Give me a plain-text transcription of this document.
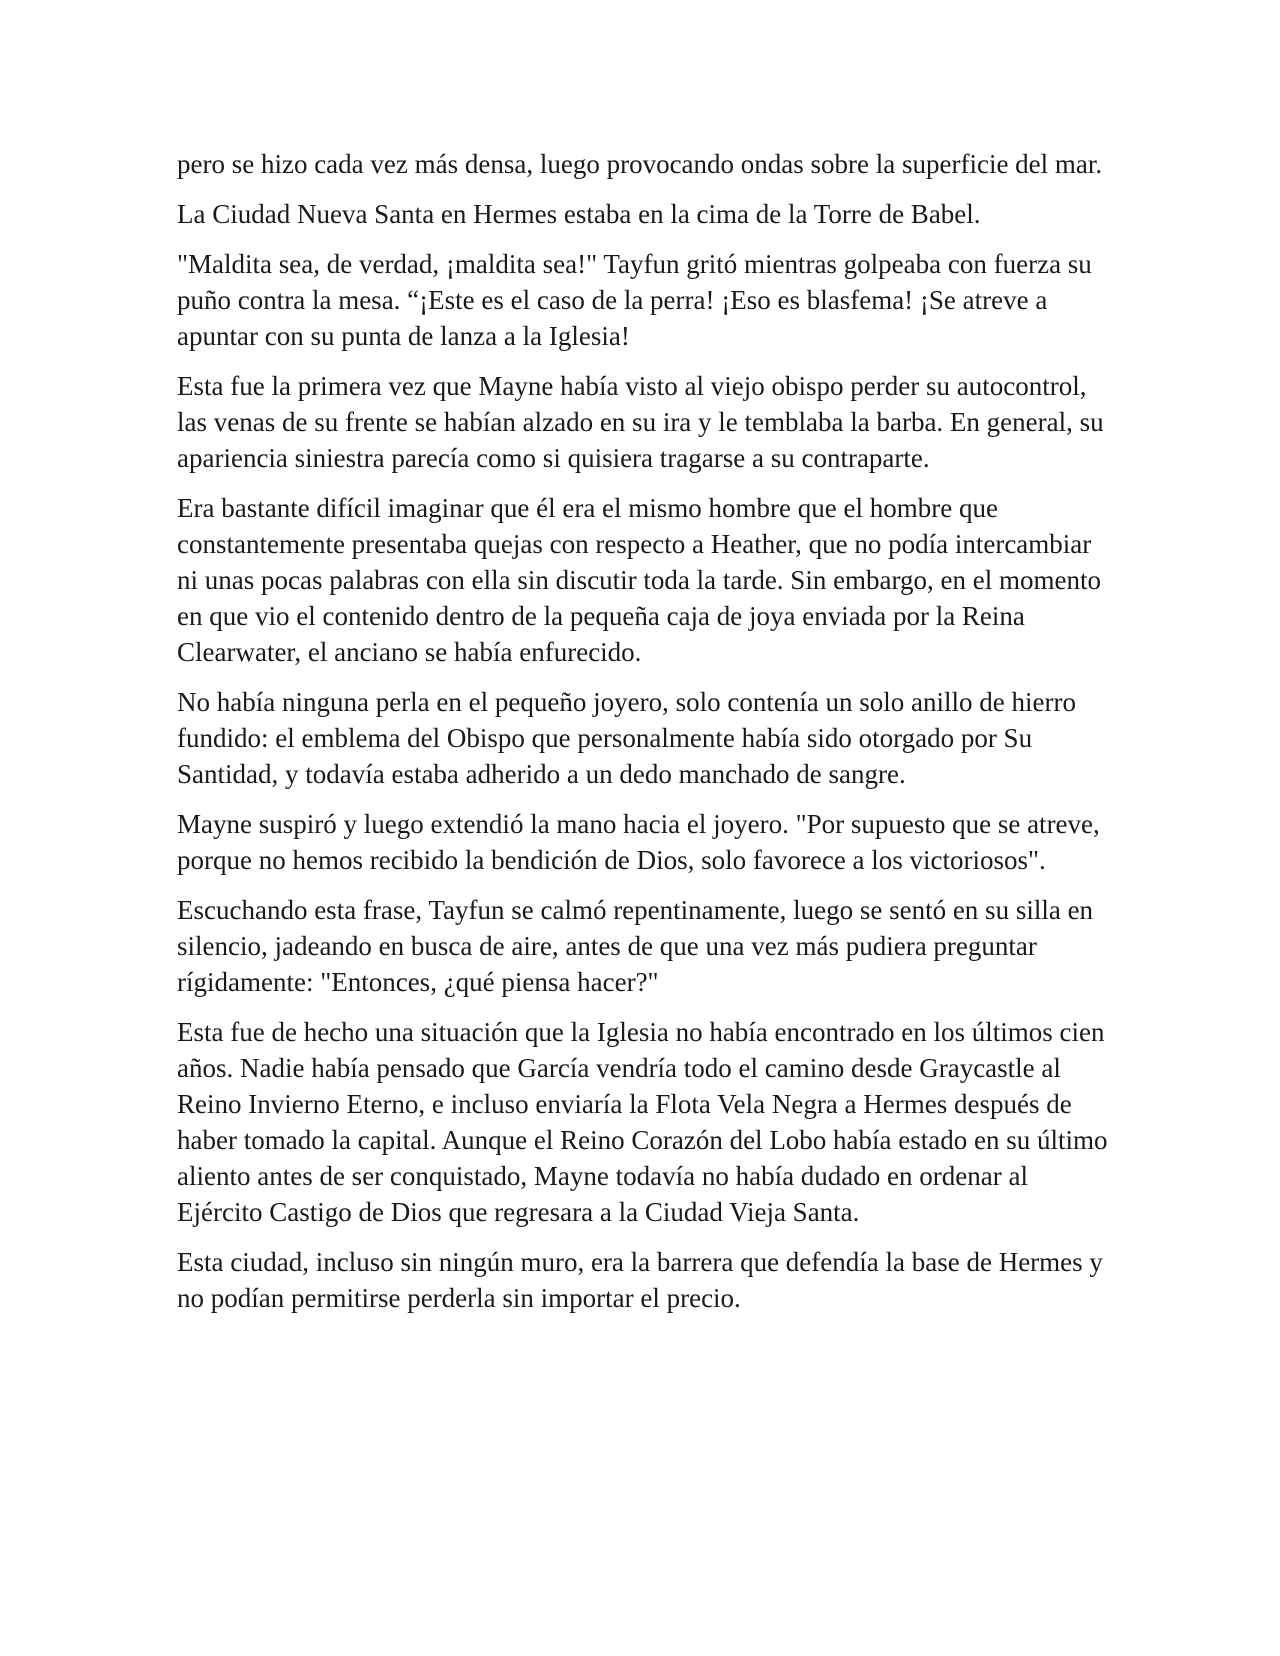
pero se hizo cada vez más densa, luego provocando ondas sobre la superficie del mar.

La Ciudad Nueva Santa en Hermes estaba en la cima de la Torre de Babel.

"Maldita sea, de verdad, ¡maldita sea!" Tayfun gritó mientras golpeaba con fuerza su puño contra la mesa. “¡Este es el caso de la perra! ¡Eso es blasfema! ¡Se atreve a apuntar con su punta de lanza a la Iglesia!

Esta fue la primera vez que Mayne había visto al viejo obispo perder su autocontrol, las venas de su frente se habían alzado en su ira y le temblaba la barba. En general, su apariencia siniestra parecía como si quisiera tragarse a su contraparte.

Era bastante difícil imaginar que él era el mismo hombre que el hombre que constantemente presentaba quejas con respecto a Heather, que no podía intercambiar ni unas pocas palabras con ella sin discutir toda la tarde. Sin embargo, en el momento en que vio el contenido dentro de la pequeña caja de joya enviada por la Reina Clearwater, el anciano se había enfurecido.

No había ninguna perla en el pequeño joyero, solo contenía un solo anillo de hierro fundido: el emblema del Obispo que personalmente había sido otorgado por Su Santidad, y todavía estaba adherido a un dedo manchado de sangre.

Mayne suspiró y luego extendió la mano hacia el joyero. "Por supuesto que se atreve, porque no hemos recibido la bendición de Dios, solo favorece a los victoriosos".

Escuchando esta frase, Tayfun se calmó repentinamente, luego se sentó en su silla en silencio, jadeando en busca de aire, antes de que una vez más pudiera preguntar rígidamente: "Entonces, ¿qué piensa hacer?"

Esta fue de hecho una situación que la Iglesia no había encontrado en los últimos cien años. Nadie había pensado que García vendría todo el camino desde Graycastle al Reino Invierno Eterno, e incluso enviaría la Flota Vela Negra a Hermes después de haber tomado la capital. Aunque el Reino Corazón del Lobo había estado en su último aliento antes de ser conquistado, Mayne todavía no había dudado en ordenar al Ejército Castigo de Dios que regresara a la Ciudad Vieja Santa.

Esta ciudad, incluso sin ningún muro, era la barrera que defendía la base de Hermes y no podían permitirse perderla sin importar el precio.
